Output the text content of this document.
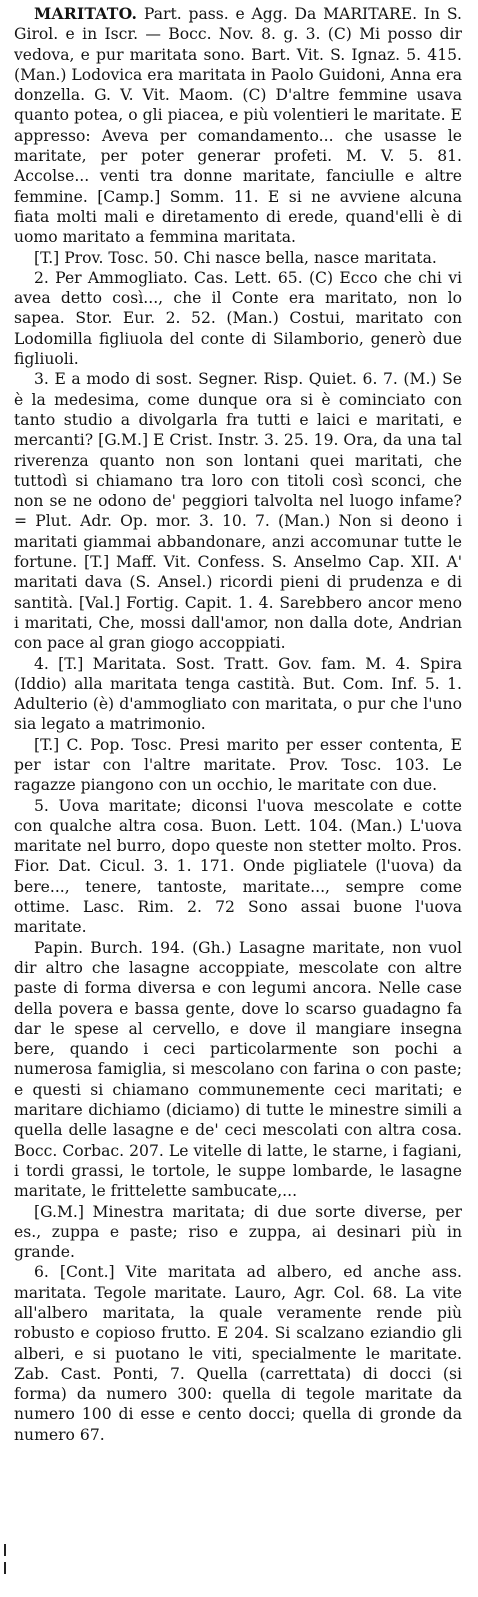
MARITATO. Part. pass. e Agg. Da MARITARE. In S. Girol. e in Iscr. — Bocc. Nov. 8. g. 3. (C) Mi posso dir vedova, e pur maritata sono. Bart. Vit. S. Ignaz. 5. 415. (Man.) Lodovica era maritata in Paolo Guidoni, Anna era donzella. G. V. Vit. Maom. (C) D'altre femmine usava quanto potea, o gli piacea, e più volentieri le maritate. E appresso: Aveva per comandamento... che usasse le maritate, per poter generar profeti. M. V. 5. 81. Accolse... venti tra donne maritate, fanciulle e altre femmine. [Camp.] Somm. 11. E si ne avviene alcuna fiata molti mali e diretamento di erede, quand'elli è di uomo maritato a femmina maritata.

[T.] Prov. Tosc. 50. Chi nasce bella, nasce maritata.

2. Per Ammogliato. Cas. Lett. 65. (C) Ecco che chi vi avea detto così..., che il Conte era maritato, non lo sapea. Stor. Eur. 2. 52. (Man.) Costui, maritato con Lodomilla figliuola del conte di Silamborio, generò due figliuoli.

3. E a modo di sost. Segner. Risp. Quiet. 6. 7. (M.) Se è la medesima, come dunque ora si è cominciato con tanto studio a divolgarla fra tutti e laici e maritati, e mercanti? [G.M.] E Crist. Instr. 3. 25. 19. Ora, da una tal riverenza quanto non son lontani quei maritati, che tuttodì si chiamano tra loro con titoli così sconci, che non se ne odono de' peggiori talvolta nel luogo infame? = Plut. Adr. Op. mor. 3. 10. 7. (Man.) Non si deono i maritati giammai abbandonare, anzi accomunar tutte le fortune. [T.] Maff. Vit. Confess. S. Anselmo Cap. XII. A' maritati dava (S. Ansel.) ricordi pieni di prudenza e di santità. [Val.] Fortig. Capit. 1. 4. Sarebbero ancor meno i maritati, Che, mossi dall'amor, non dalla dote, Andrian con pace al gran giogo accoppiati.

4. [T.] Maritata. Sost. Tratt. Gov. fam. M. 4. Spira (Iddio) alla maritata tenga castità. But. Com. Inf. 5. 1. Adulterio (è) d'ammogliato con maritata, o pur che l'uno sia legato a matrimonio.

[T.] C. Pop. Tosc. Presi marito per esser contenta, E per istar con l'altre maritate. Prov. Tosc. 103. Le ragazze piangono con un occhio, le maritate con due.

5. Uova maritate; diconsi l'uova mescolate e cotte con qualche altra cosa. Buon. Lett. 104. (Man.) L'uova maritate nel burro, dopo queste non stetter molto. Pros. Fior. Dat. Cicul. 3. 1. 171. Onde pigliatele (l'uova) da bere..., tenere, tantoste, maritate..., sempre come ottime. Lasc. Rim. 2. 72 Sono assai buone l'uova maritate.

Papin. Burch. 194. (Gh.) Lasagne maritate, non vuol dir altro che lasagne accoppiate, mescolate con altre paste di forma diversa e con legumi ancora. Nelle case della povera e bassa gente, dove lo scarso guadagno fa dar le spese al cervello, e dove il mangiare insegna bere, quando i ceci particolarmente son pochi a numerosa famiglia, si mescolano con farina o con paste; e questi si chiamano communemente ceci maritati; e maritare dichiamo (diciamo) di tutte le minestre simili a quella delle lasagne e de' ceci mescolati con altra cosa. Bocc. Corbac. 207. Le vitelle di latte, le starne, i fagiani, i tordi grassi, le tortole, le suppe lombarde, le lasagne maritate, le frittelette sambucate,...

[G.M.] Minestra maritata; di due sorte diverse, per es., zuppa e paste; riso e zuppa, ai desinari più in grande.

6. [Cont.] Vite maritata ad albero, ed anche ass. maritata. Tegole maritate. Lauro, Agr. Col. 68. La vite all'albero maritata, la quale veramente rende più robusto e copioso frutto. E 204. Si scalzano eziandio gli alberi, e si puotano le viti, specialmente le maritate. Zab. Cast. Ponti, 7. Quella (carrettata) di docci (si forma) da numero 300: quella di tegole maritate da numero 100 di esse e cento docci; quella di gronde da numero 67.
